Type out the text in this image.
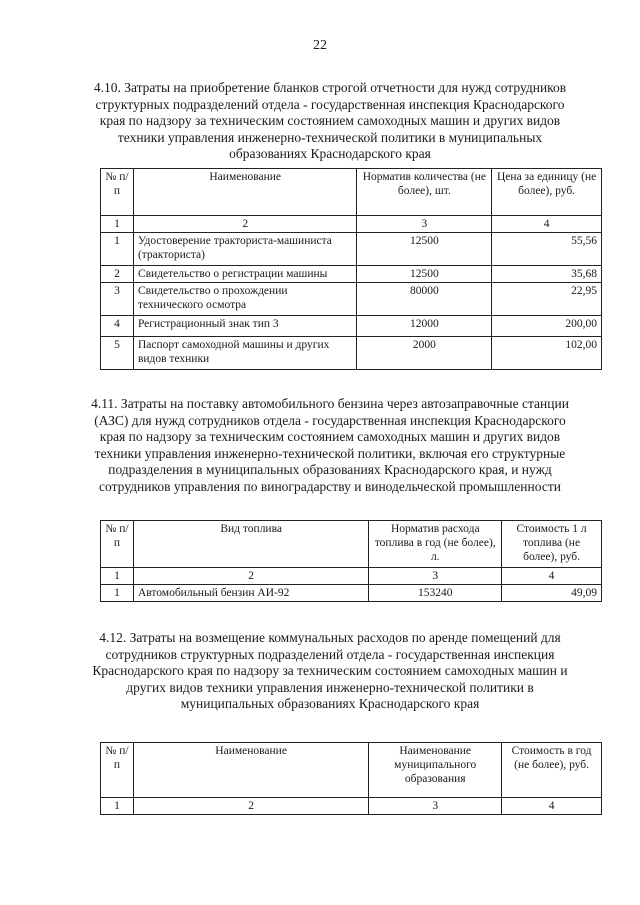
22
4.10. Затраты на приобретение бланков строгой отчетности для нужд сотрудников структурных подразделений отдела - государственная инспекция Краснодарского края по надзору за техническим состоянием самоходных машин и других видов техники управления инженерно-технической политики в муниципальных образованиях Краснодарского края
№ п/п	Наименование	Норматив количества (не более), шт.	Цена за единицу (не более), руб.
1	2	3	4
1	Удостоверение тракториста-машиниста (тракториста)	12500	55,56
2	Свидетельство о регистрации машины	12500	35,68
3	Свидетельство о прохождении технического осмотра	80000	22,95
4	Регистрационный знак тип 3	12000	200,00
5	Паспорт самоходной машины и других видов техники	2000	102,00
4.11. Затраты на поставку автомобильного бензина через автозаправочные станции (АЗС) для нужд сотрудников отдела - государственная инспекция Краснодарского края по надзору за техническим состоянием самоходных машин и других видов техники управления инженерно-технической политики, включая его структурные подразделения в муниципальных образованиях Краснодарского края, и нужд сотрудников управления по виноградарству и винодельческой промышленности
№ п/п	Вид топлива	Норматив расхода топлива в год (не более), л.	Стоимость 1 л топлива (не более), руб.
1	2	3	4
1	Автомобильный бензин АИ-92	153240	49,09
4.12. Затраты на возмещение коммунальных расходов по аренде помещений для сотрудников структурных подразделений отдела - государственная инспекция Краснодарского края по надзору за техническим состоянием самоходных машин и других видов техники управления инженерно-технической политики в муниципальных образованиях Краснодарского края
№ п/п	Наименование	Наименование муниципального образования	Стоимость в год (не более), руб.
1	2	3	4
